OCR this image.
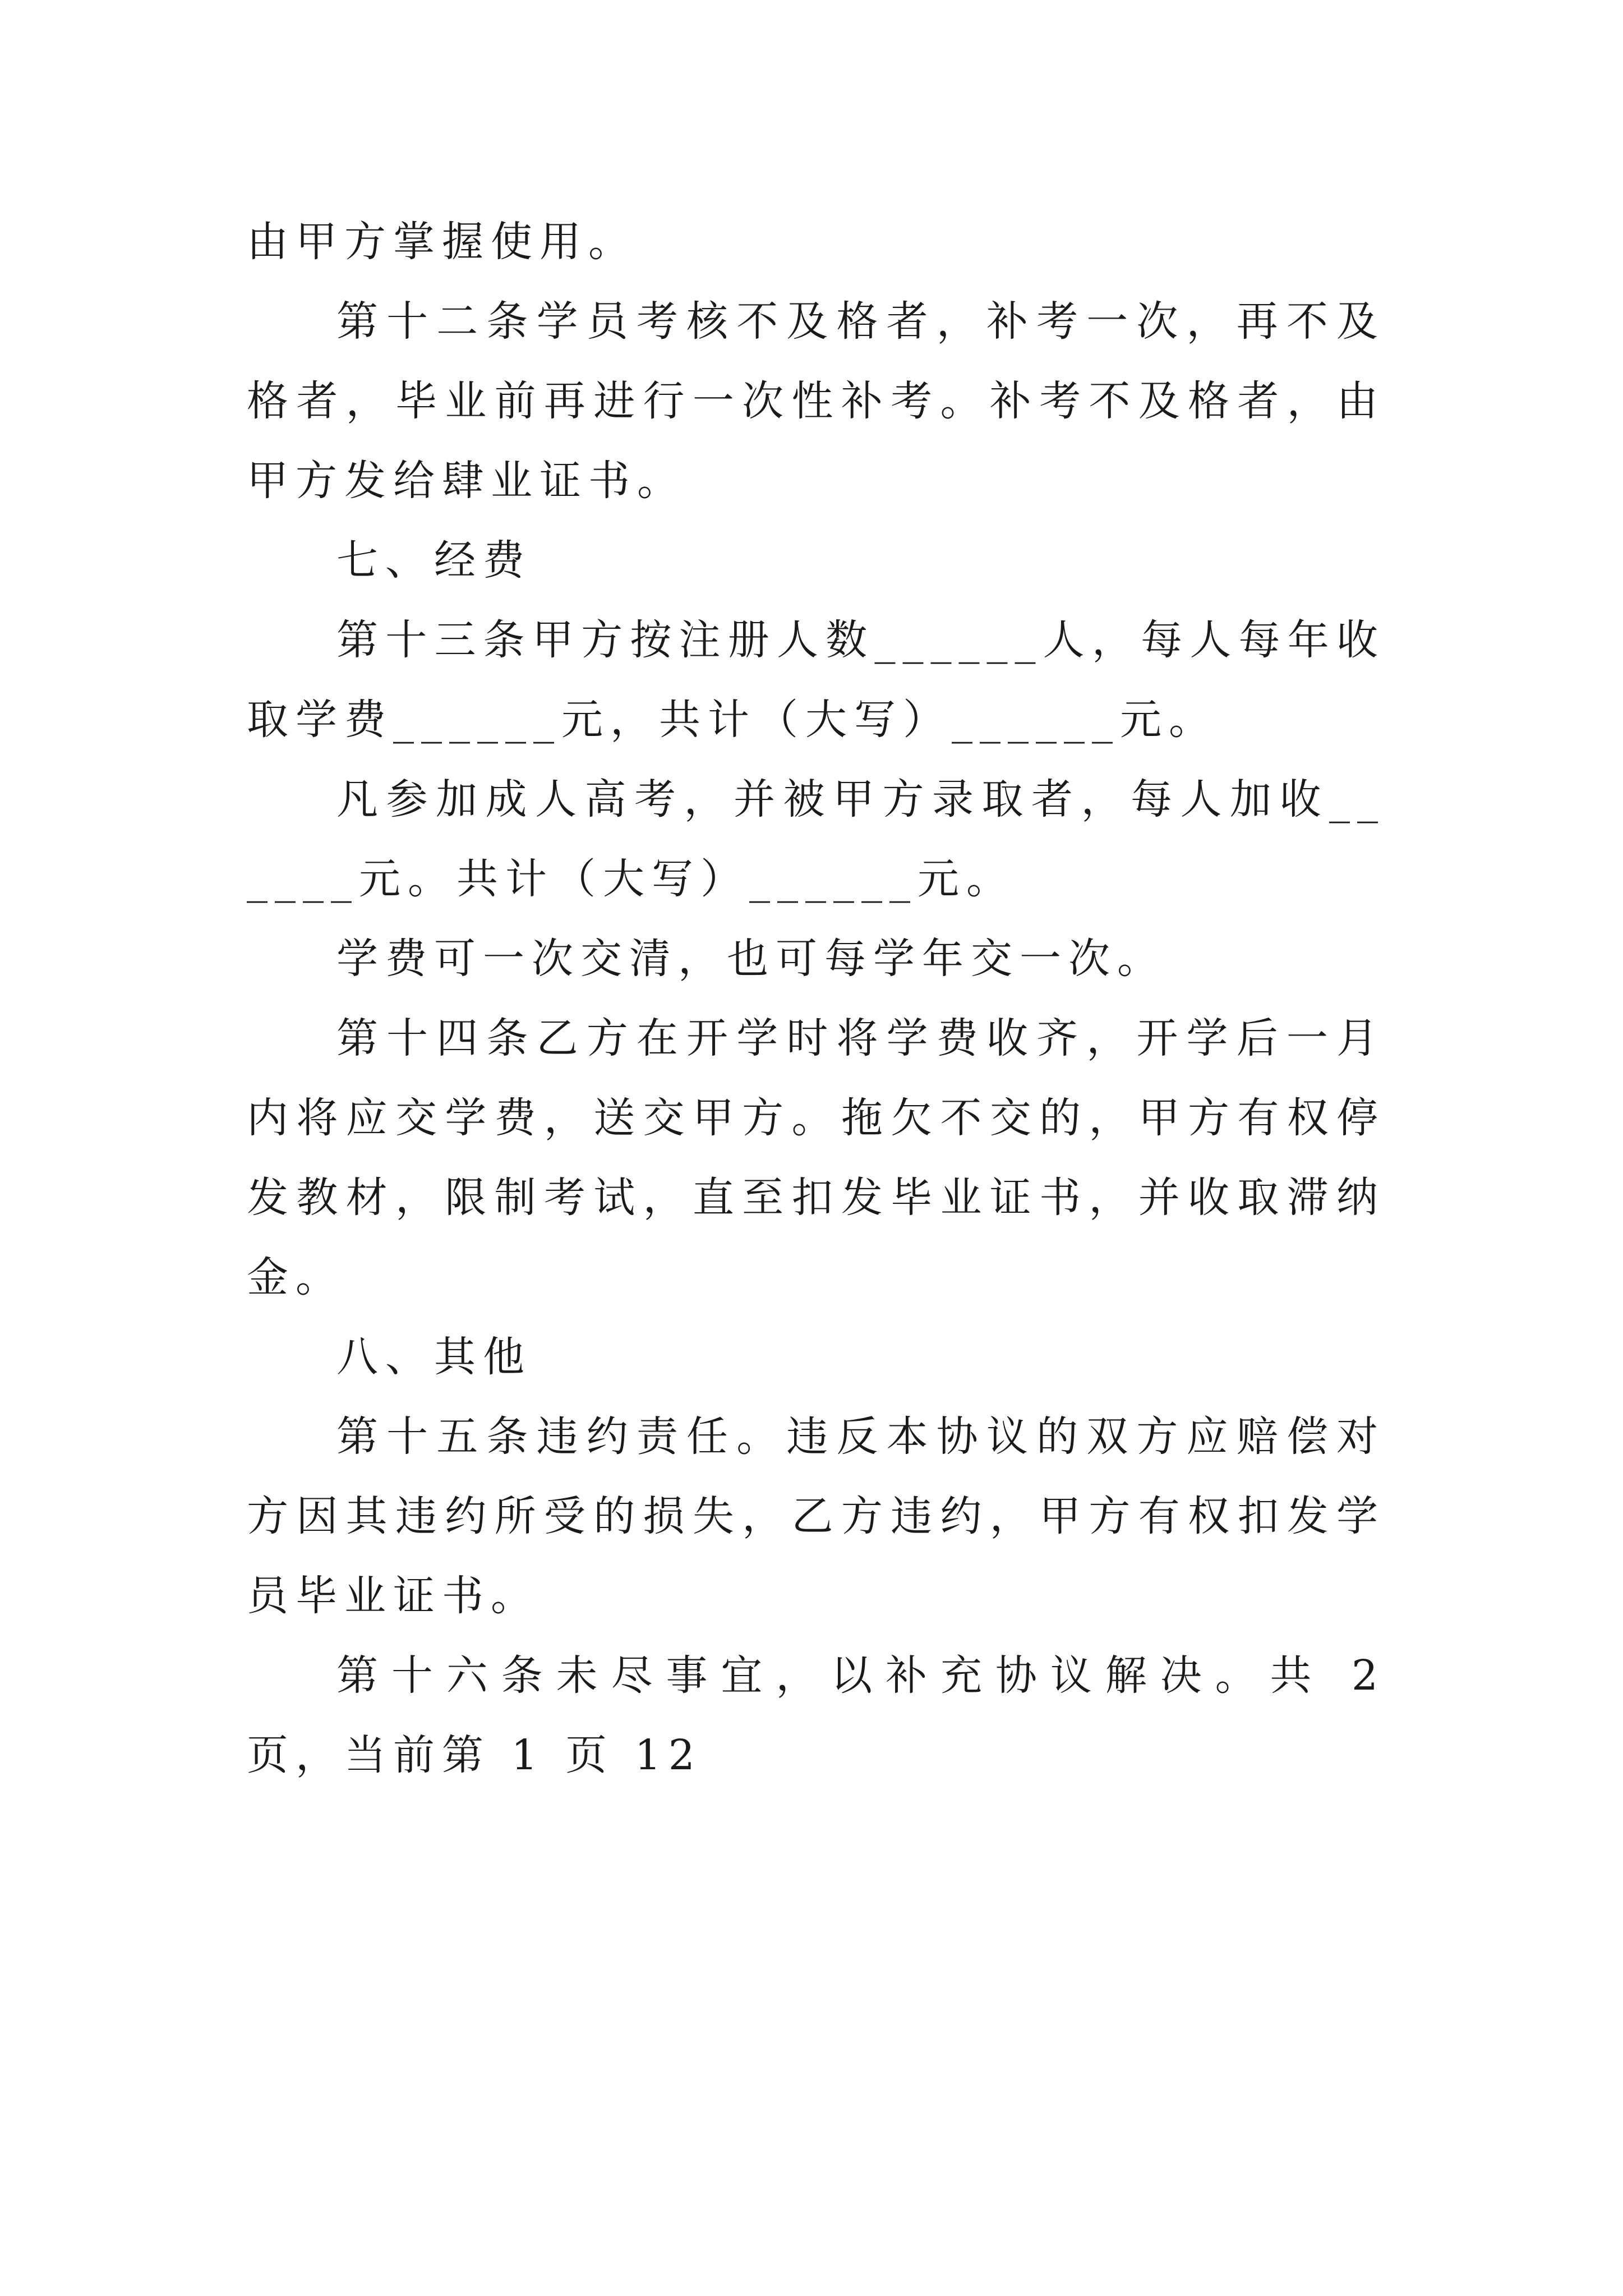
由甲方掌握使用。

第十二条学员考核不及格者，补考一次，再不及格者，毕业前再进行一次性补考。补考不及格者，由甲方发给肆业证书。

七、经费

第十三条甲方按注册人数______人，每人每年收取学费______元，共计（大写）______元。

凡参加成人高考，并被甲方录取者，每人加收______元。共计（大写）______元。

学费可一次交清，也可每学年交一次。

第十四条乙方在开学时将学费收齐，开学后一月内将应交学费，送交甲方。拖欠不交的，甲方有权停发教材，限制考试，直至扣发毕业证书，并收取滞纳金。

八、其他

第十五条违约责任。违反本协议的双方应赔偿对方因其违约所受的损失，乙方违约，甲方有权扣发学员毕业证书。

第十六条未尽事宜，以补充协议解决。共 2 页，当前第 1 页 12
